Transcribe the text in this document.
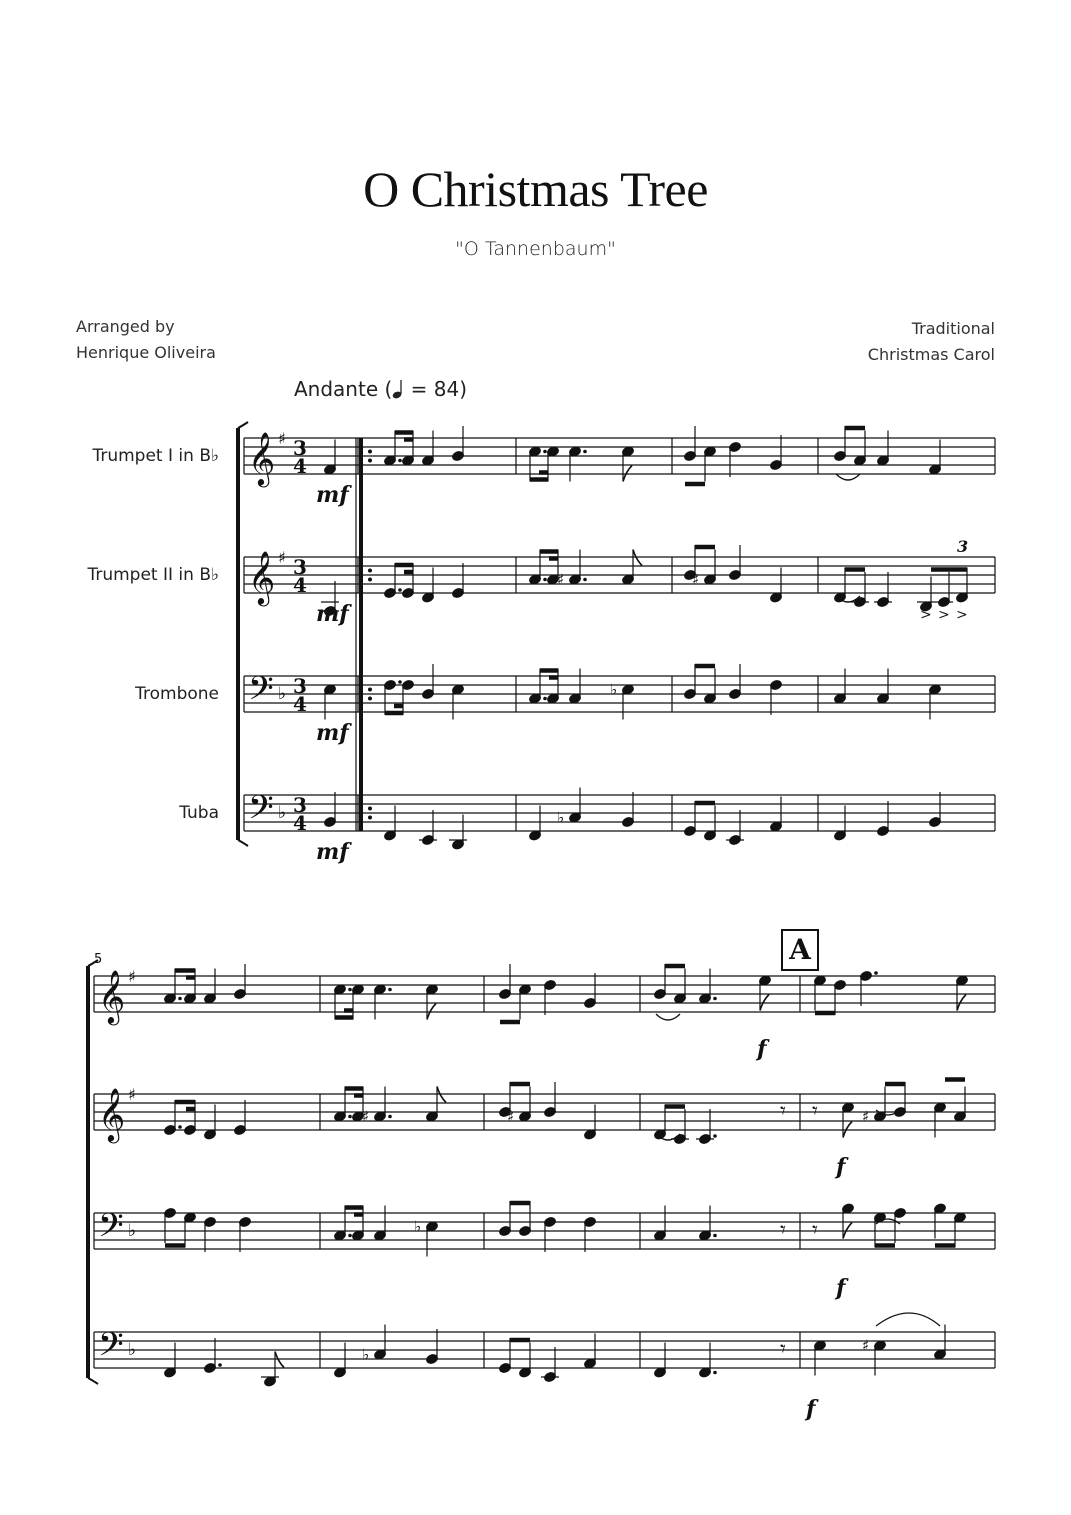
O Christmas Tree
"O Tannenbaum"
Arranged by
Henrique Oliveira
Traditional
Christmas Carol
Andante ( = 84)
Trumpet I in B♭
Trumpet II in B♭
Trombone
Tuba
5	A
𝄞 ♯ 3
4
𝄞 ♯ 3
4
𝄢 ♭ 3
4
𝄢 ♭ 3
4
♯	♯
3
> > >
♭
♭
mf
mf
mf
mf
𝄞 ♯
𝄞 ♯
𝄢 ♭
𝄢 ♭
f
♯	♯	𝄾 𝄾
f
♯
♭	𝄾 𝄾
f
♭	𝄾
f
♯
